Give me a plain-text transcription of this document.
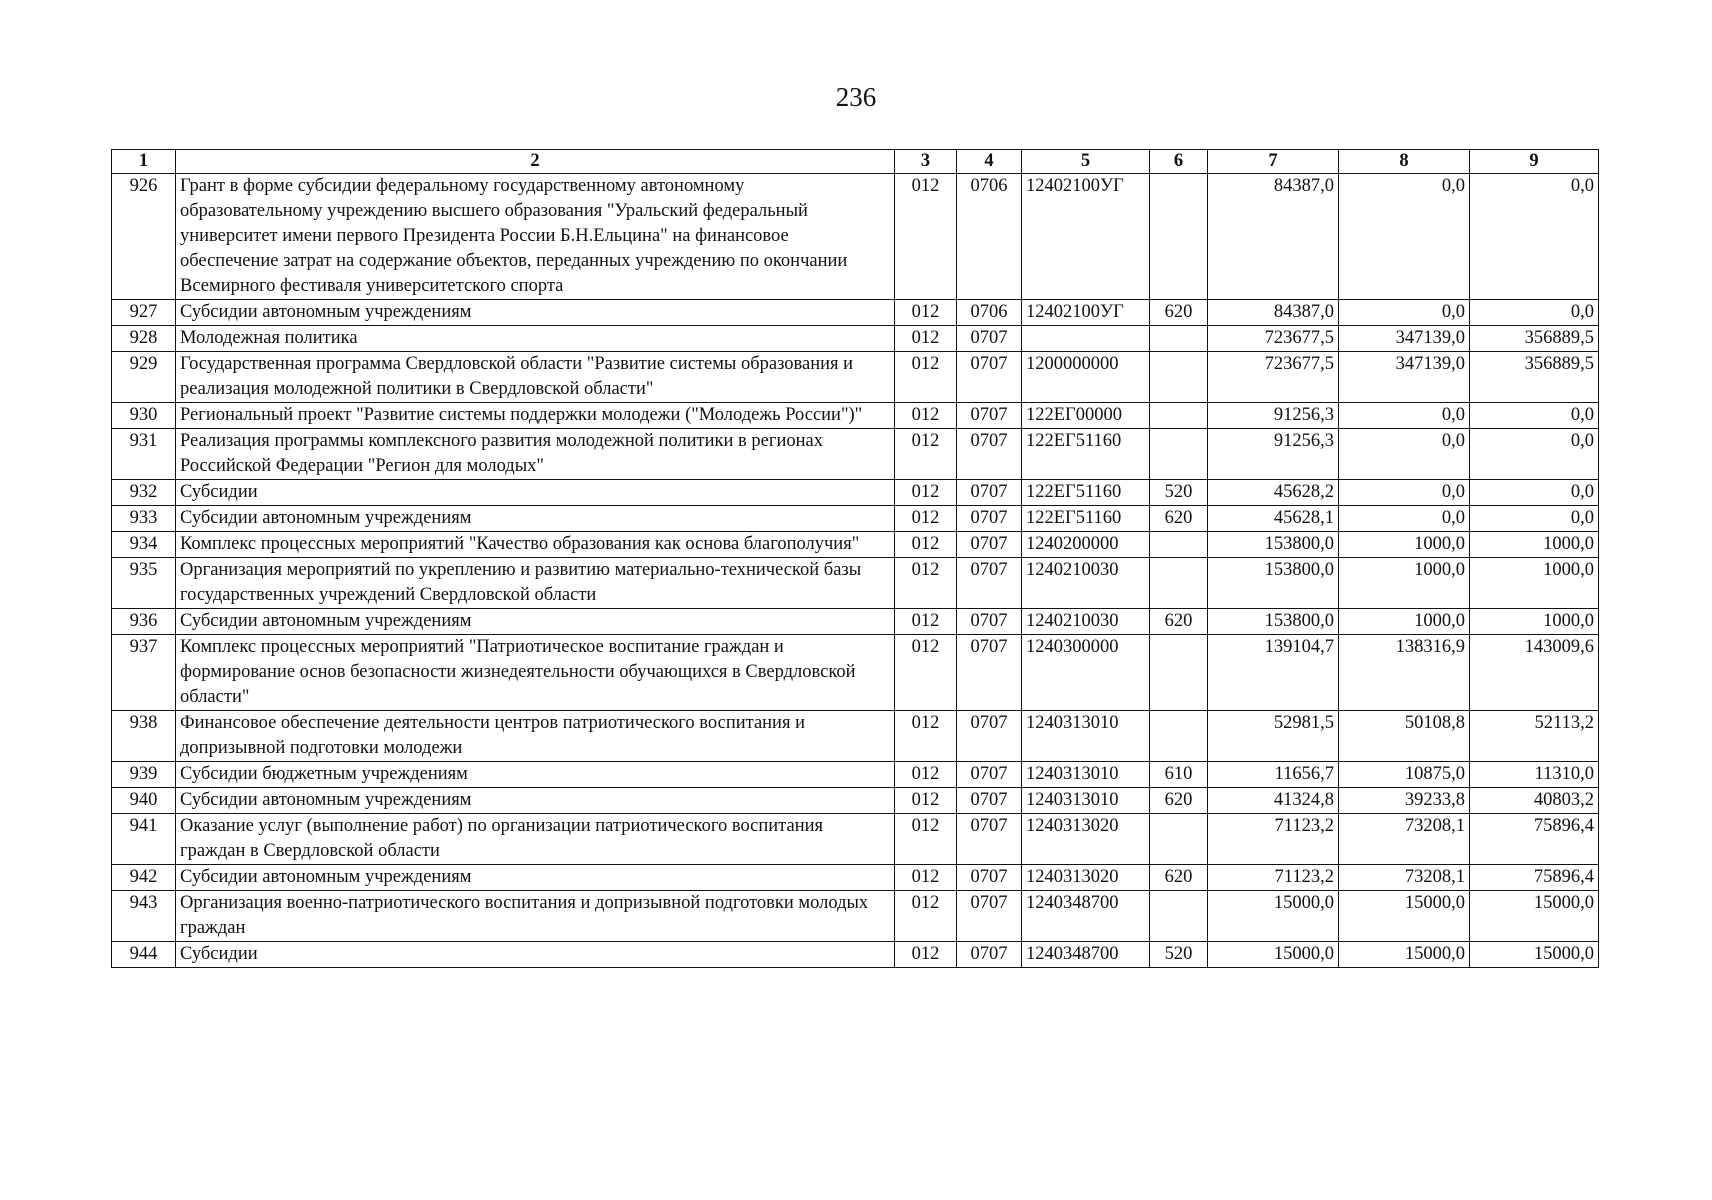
236
1	2	3	4	5	6	7	8	9
926	Грант в форме субсидии федеральному государственному автономному образовательному учреждению высшего образования "Уральский федеральный университет имени первого Президента России Б.Н.Ельцина" на финансовое обеспечение затрат на содержание объектов, переданных учреждению по окончании Всемирного фестиваля университетского спорта	012	0706	12402100УГ		84387,0	0,0	0,0
927	Субсидии автономным учреждениям	012	0706	12402100УГ	620	84387,0	0,0	0,0
928	Молодежная политика	012	0707			723677,5	347139,0	356889,5
929	Государственная программа Свердловской области "Развитие системы образования и реализация молодежной политики в Свердловской области"	012	0707	1200000000		723677,5	347139,0	356889,5
930	Региональный проект "Развитие системы поддержки молодежи ("Молодежь России")"	012	0707	122ЕГ00000		91256,3	0,0	0,0
931	Реализация программы комплексного развития молодежной политики в регионах Российской Федерации "Регион для молодых"	012	0707	122ЕГ51160		91256,3	0,0	0,0
932	Субсидии	012	0707	122ЕГ51160	520	45628,2	0,0	0,0
933	Субсидии автономным учреждениям	012	0707	122ЕГ51160	620	45628,1	0,0	0,0
934	Комплекс процессных мероприятий "Качество образования как основа благополучия"	012	0707	1240200000		153800,0	1000,0	1000,0
935	Организация мероприятий по укреплению и развитию материально-технической базы государственных учреждений Свердловской области	012	0707	1240210030		153800,0	1000,0	1000,0
936	Субсидии автономным учреждениям	012	0707	1240210030	620	153800,0	1000,0	1000,0
937	Комплекс процессных мероприятий "Патриотическое воспитание граждан и формирование основ безопасности жизнедеятельности обучающихся в Свердловской области"	012	0707	1240300000		139104,7	138316,9	143009,6
938	Финансовое обеспечение деятельности центров патриотического воспитания и допризывной подготовки молодежи	012	0707	1240313010		52981,5	50108,8	52113,2
939	Субсидии бюджетным учреждениям	012	0707	1240313010	610	11656,7	10875,0	11310,0
940	Субсидии автономным учреждениям	012	0707	1240313010	620	41324,8	39233,8	40803,2
941	Оказание услуг (выполнение работ) по организации патриотического воспитания граждан в Свердловской области	012	0707	1240313020		71123,2	73208,1	75896,4
942	Субсидии автономным учреждениям	012	0707	1240313020	620	71123,2	73208,1	75896,4
943	Организация военно-патриотического воспитания и допризывной подготовки молодых граждан	012	0707	1240348700		15000,0	15000,0	15000,0
944	Субсидии	012	0707	1240348700	520	15000,0	15000,0	15000,0
